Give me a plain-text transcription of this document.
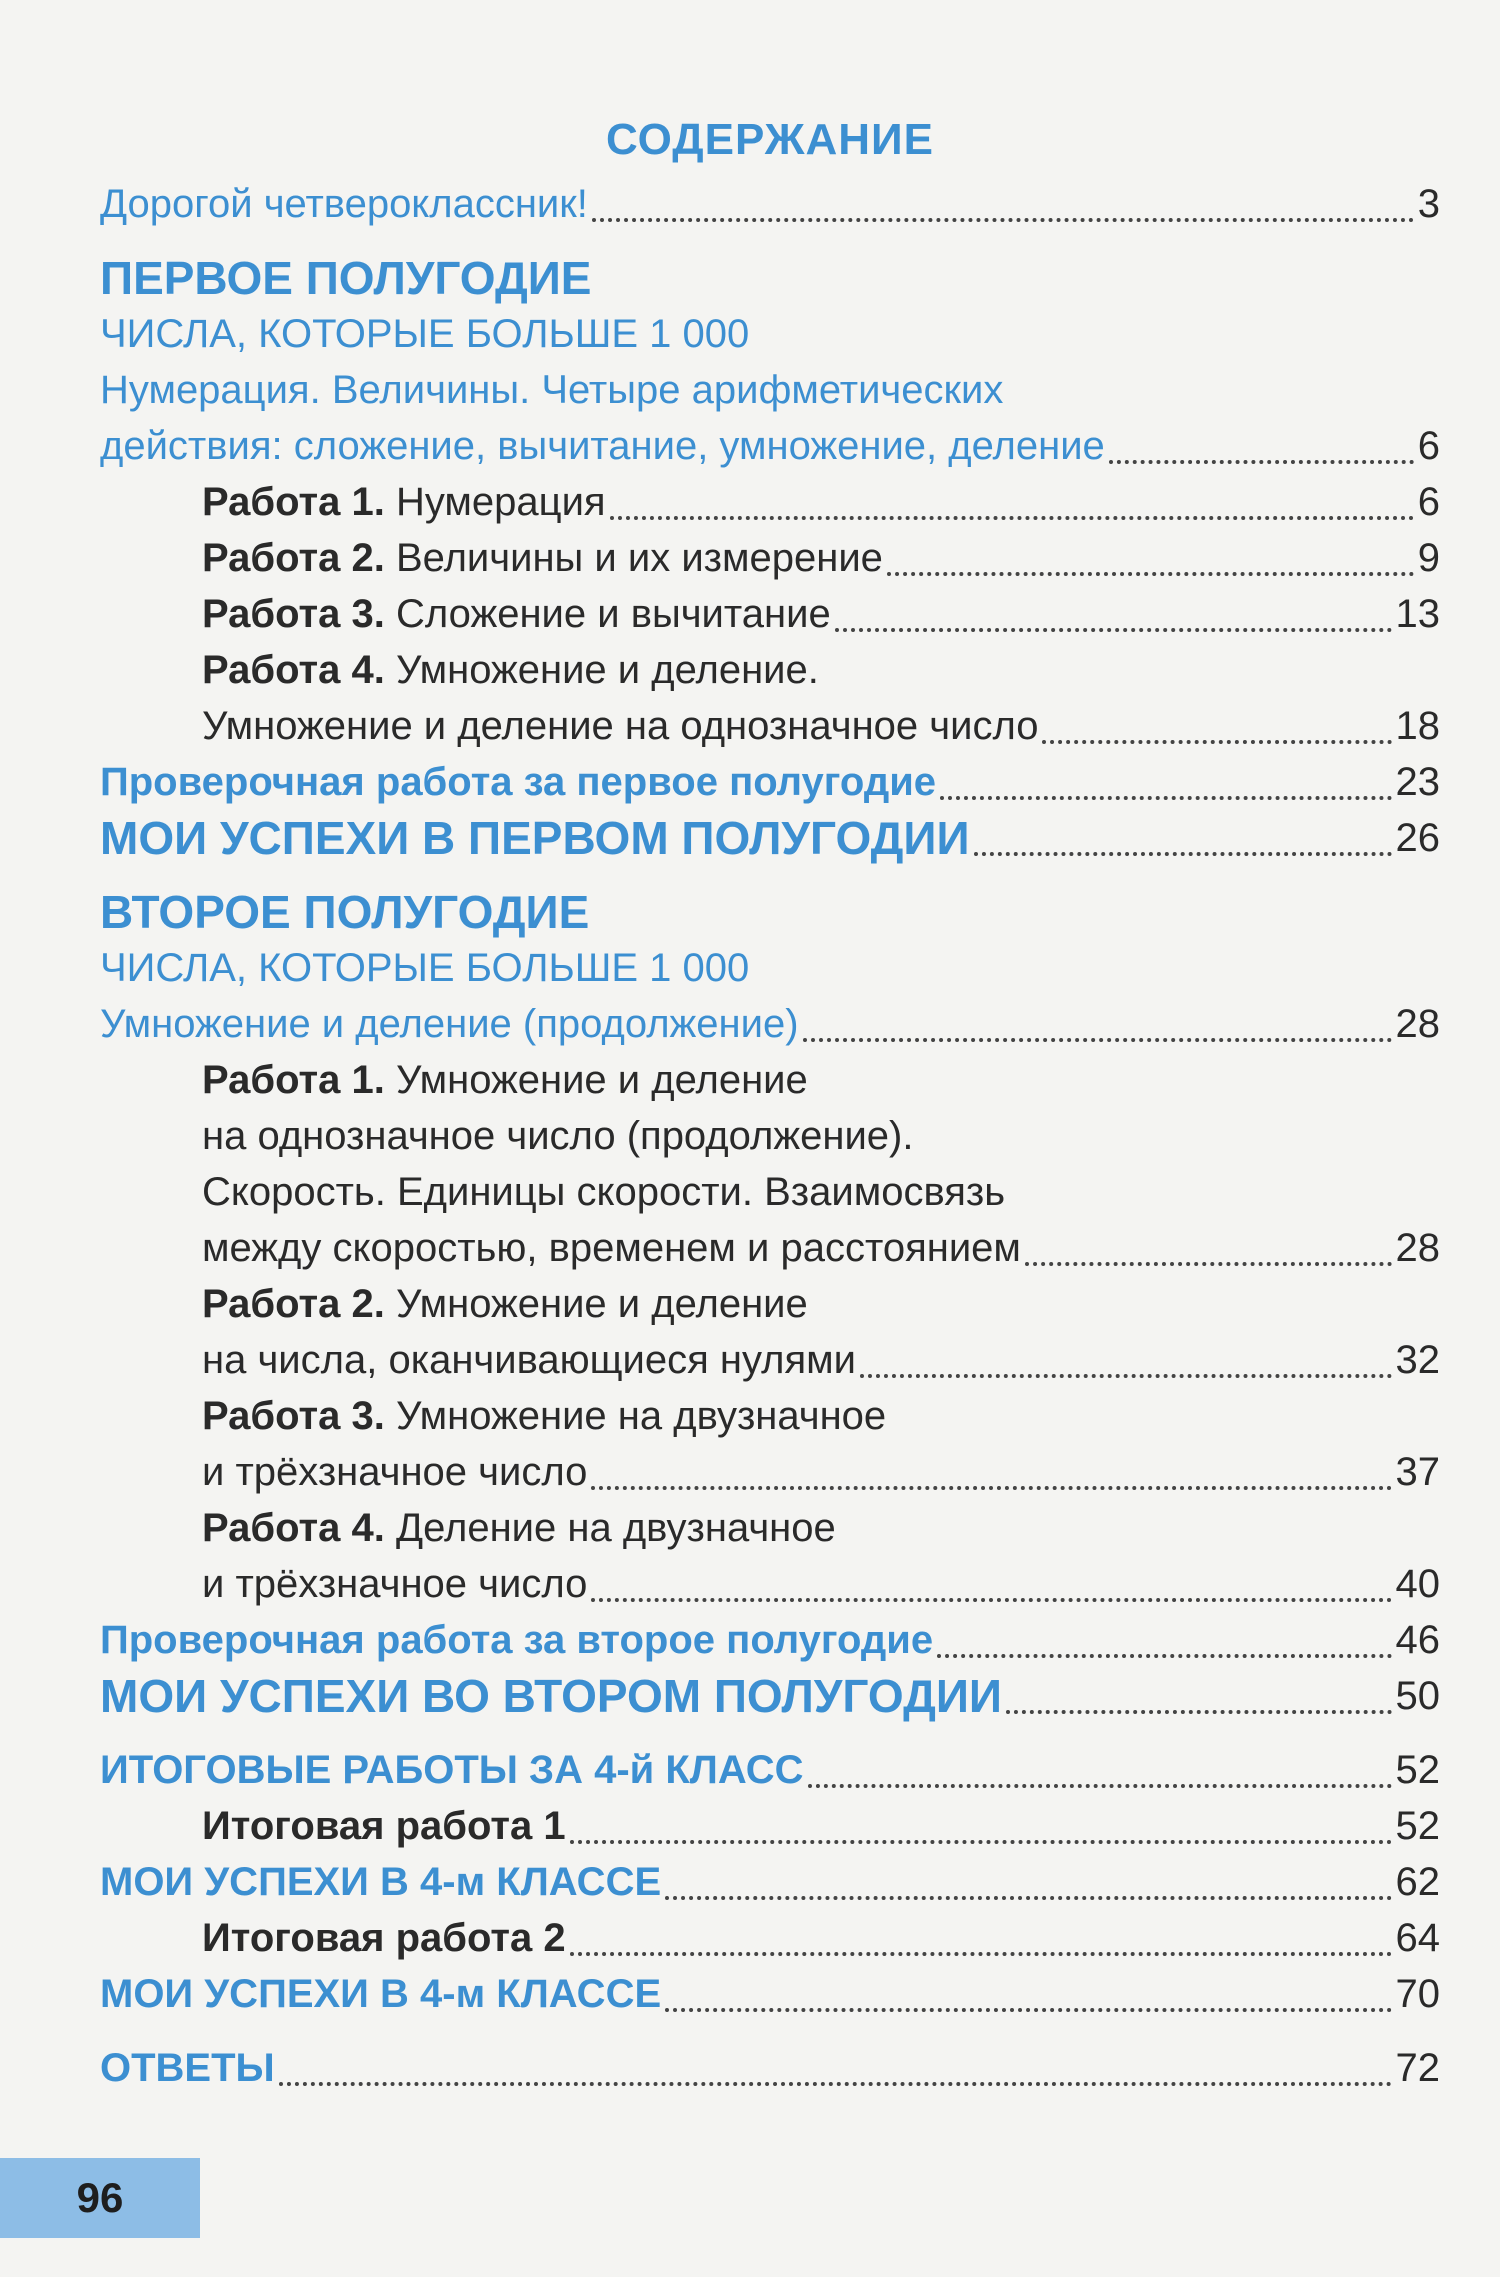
СОДЕРЖАНИЕ
Дорогой четвероклассник!	3
ПЕРВОЕ ПОЛУГОДИЕ
ЧИСЛА, КОТОРЫЕ БОЛЬШЕ 1 000
Нумерация. Величины. Четыре арифметических
действия: сложение, вычитание, умножение, деление	6
Работа 1. Нумерация	6
Работа 2. Величины и их измерение	9
Работа 3. Сложение и вычитание	13
Работа 4. Умножение и деление.
Умножение и деление на однозначное число	18
Проверочная работа за первое полугодие	23
МОИ УСПЕХИ В ПЕРВОМ ПОЛУГОДИИ	26
ВТОРОЕ ПОЛУГОДИЕ
ЧИСЛА, КОТОРЫЕ БОЛЬШЕ 1 000
Умножение и деление (продолжение)	28
Работа 1. Умножение и деление
на однозначное число (продолжение).
Скорость. Единицы скорости. Взаимосвязь
между скоростью, временем и расстоянием	28
Работа 2. Умножение и деление
на числа, оканчивающиеся нулями	32
Работа 3. Умножение на двузначное
и трёхзначное число	37
Работа 4. Деление на двузначное
и трёхзначное число	40
Проверочная работа за второе полугодие	46
МОИ УСПЕХИ ВО ВТОРОМ ПОЛУГОДИИ	50
ИТОГОВЫЕ РАБОТЫ ЗА 4-й КЛАСС	52
Итоговая работа 1	52
МОИ УСПЕХИ В 4-м КЛАССЕ	62
Итоговая работа 2	64
МОИ УСПЕХИ В 4-м КЛАССЕ	70
ОТВЕТЫ	72
96
